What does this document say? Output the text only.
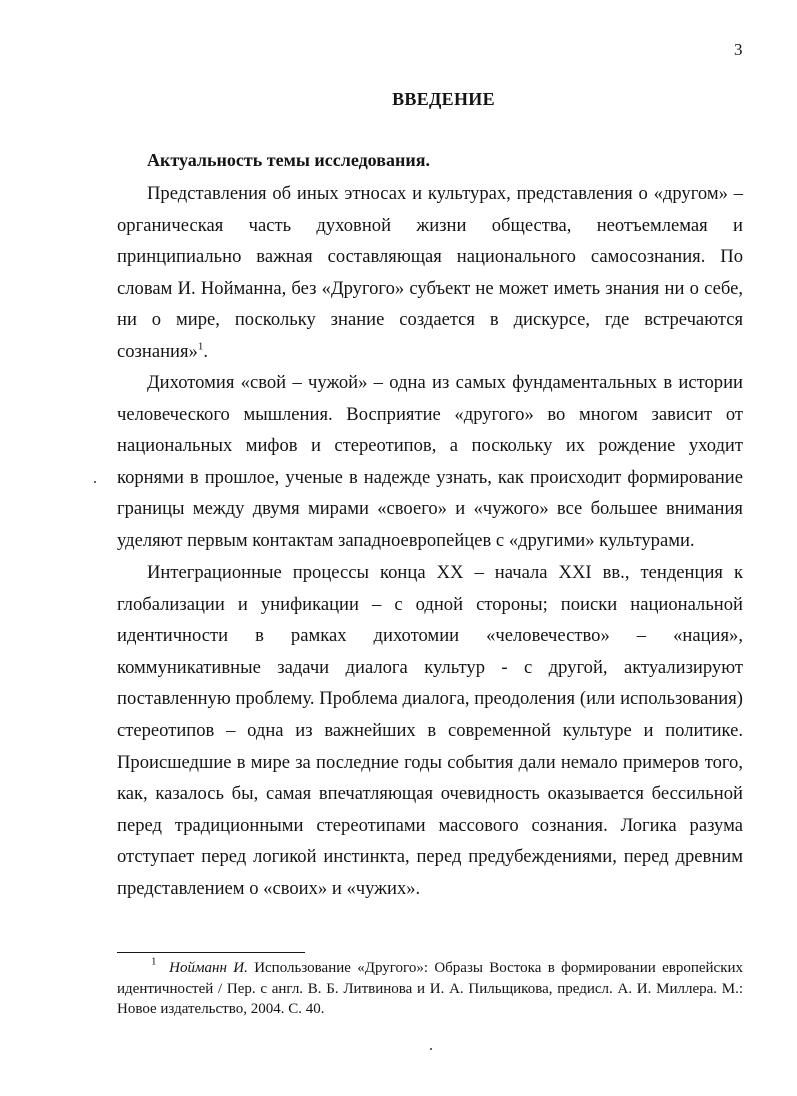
3
ВВЕДЕНИЕ
Актуальность темы исследования.

Представления об иных этносах и культурах, представления о «другом» – органическая часть духовной жизни общества, неотъемлемая и принципиально важная составляющая национального самосознания. По словам И. Нойманна, без «Другого» субъект не может иметь знания ни о себе, ни о мире, поскольку знание создается в дискурсе, где встречаются сознания»$^1$.

Дихотомия «свой – чужой» – одна из самых фундаментальных в истории человеческого мышления. Восприятие «другого» во многом зависит от национальных мифов и стереотипов, а поскольку их рождение уходит корнями в прошлое, ученые в надежде узнать, как происходит формирование границы между двумя мирами «своего» и «чужого» все большее внимания уделяют первым контактам западноевропейцев с «другими» культурами.

Интеграционные процессы конца XX – начала XXI вв., тенденция к глобализации и унификации – с одной стороны; поиски национальной идентичности в рамках дихотомии «человечество» – «нация», коммуникативные задачи диалога культур - с другой, актуализируют поставленную проблему. Проблема диалога, преодоления (или использования) стереотипов – одна из важнейших в современной культуре и политике. Происшедшие в мире за последние годы события дали немало примеров того, как, казалось бы, самая впечатляющая очевидность оказывается бессильной перед традиционными стереотипами массового сознания. Логика разума отступает перед логикой инстинкта, перед предубеждениями, перед древним представлением о «своих» и «чужих».

$^1$ Нойманн И. Использование «Другого»: Образы Востока в формировании европейских идентичностей / Пер. с англ. В. Б. Литвинова и И. А. Пильщикова, предисл. А. И. Миллера. М.: Новое издательство, 2004. С. 40.
